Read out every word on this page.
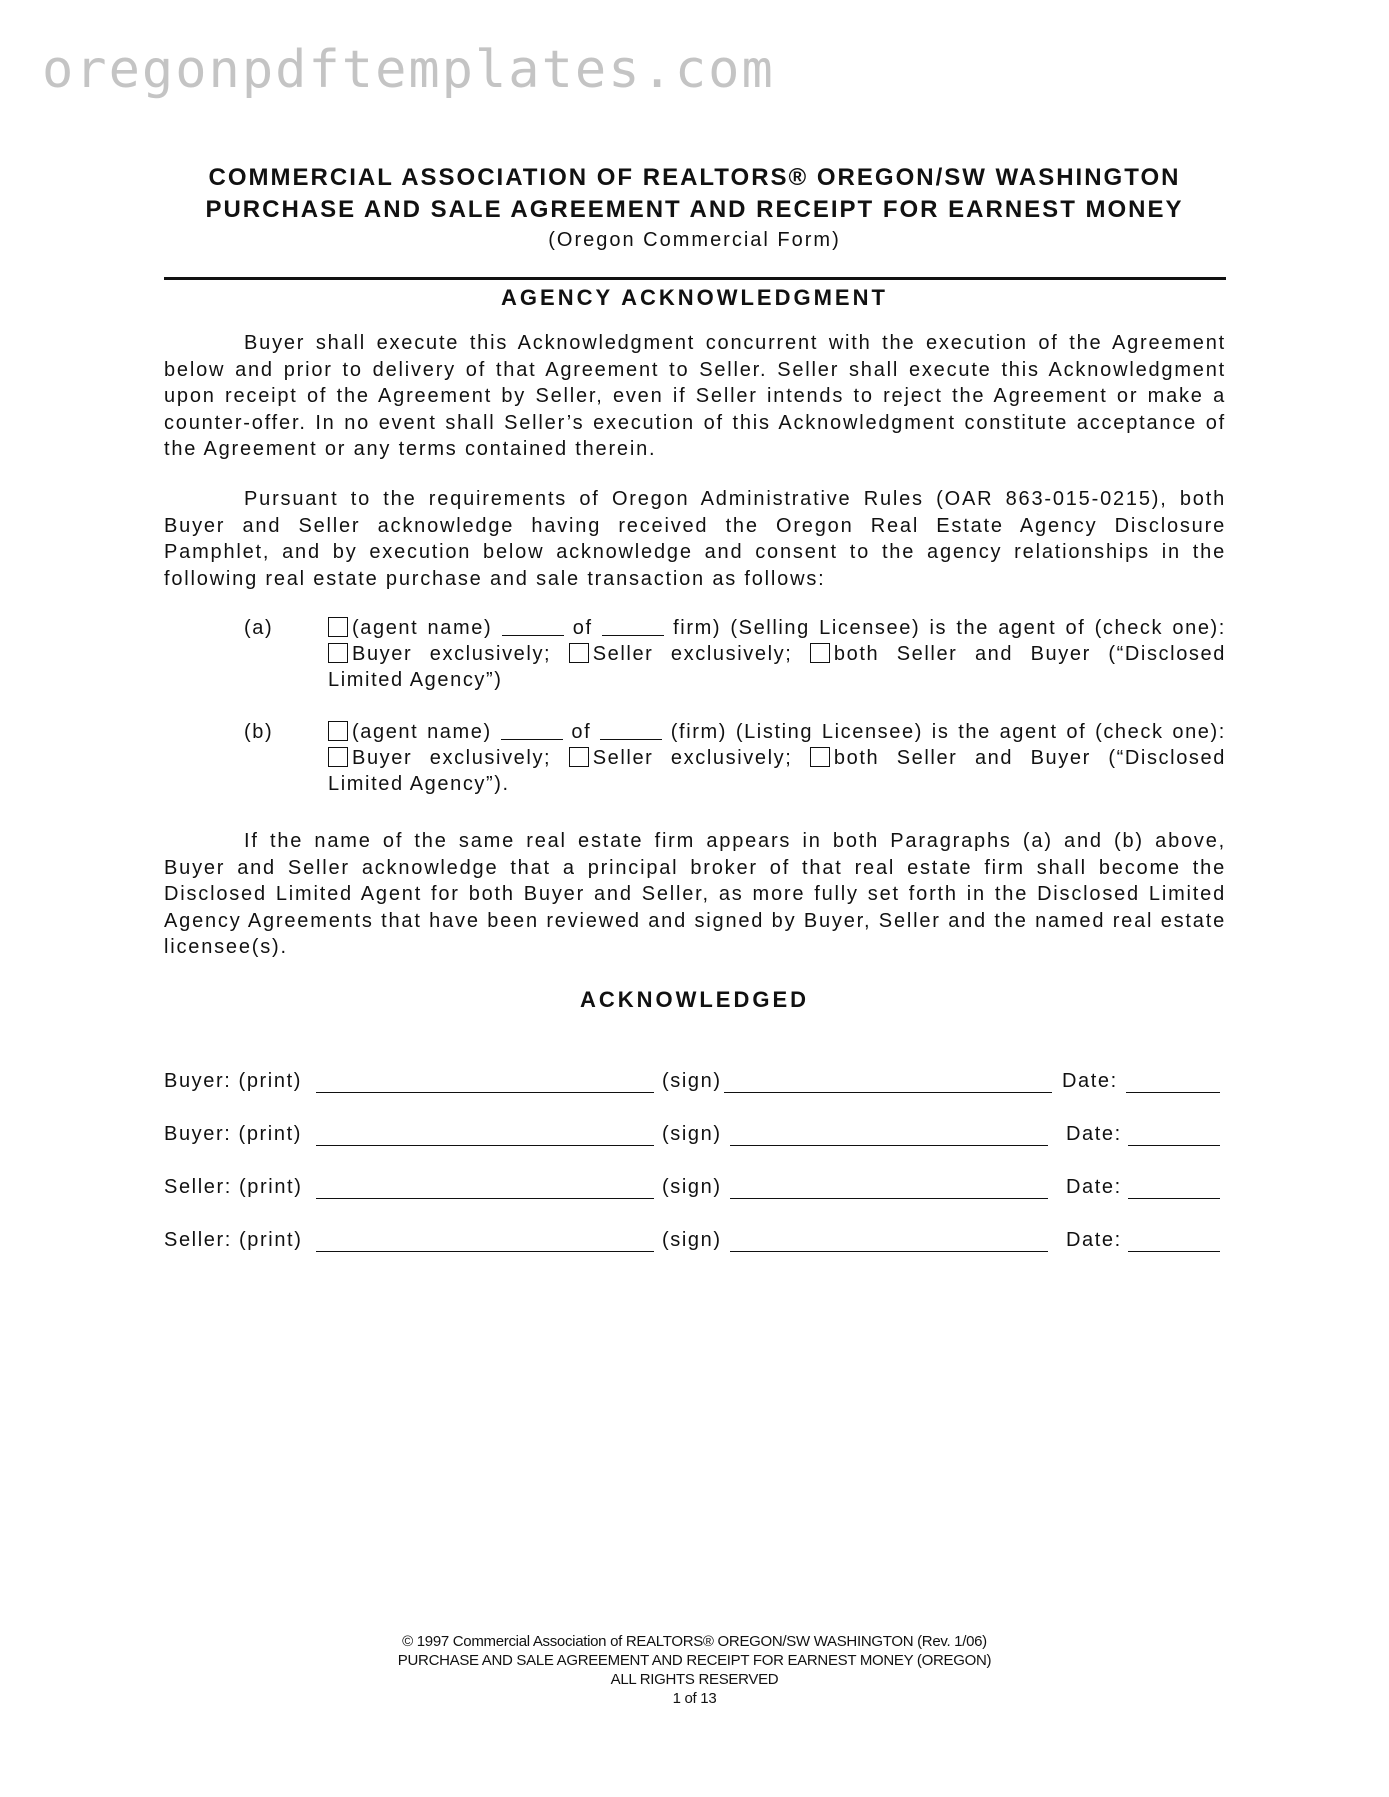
oregonpdftemplates.com
COMMERCIAL ASSOCIATION OF REALTORS® OREGON/SW WASHINGTON
PURCHASE AND SALE AGREEMENT AND RECEIPT FOR EARNEST MONEY
(Oregon Commercial Form)
AGENCY ACKNOWLEDGMENT
Buyer shall execute this Acknowledgment concurrent with the execution of the Agreement below and prior to delivery of that Agreement to Seller. Seller shall execute this Acknowledgment upon receipt of the Agreement by Seller, even if Seller intends to reject the Agreement or make a counter-offer. In no event shall Seller’s execution of this Acknowledgment constitute acceptance of the Agreement or any terms contained therein.
Pursuant to the requirements of Oregon Administrative Rules (OAR 863-015-0215), both Buyer and Seller acknowledge having received the Oregon Real Estate Agency Disclosure Pamphlet, and by execution below acknowledge and consent to the agency relationships in the following real estate purchase and sale transaction as follows:
(a)	(agent name)	of	firm) (Selling Licensee) is the agent of (check one): Buyer exclusively; Seller exclusively; both Seller and Buyer (“Disclosed Limited Agency”)
(b)	(agent name)	of	(firm) (Listing Licensee) is the agent of (check one): Buyer exclusively; Seller exclusively; both Seller and Buyer (“Disclosed Limited Agency”).
If the name of the same real estate firm appears in both Paragraphs (a) and (b) above, Buyer and Seller acknowledge that a principal broker of that real estate firm shall become the Disclosed Limited Agent for both Buyer and Seller, as more fully set forth in the Disclosed Limited Agency Agreements that have been reviewed and signed by Buyer, Seller and the named real estate licensee(s).
ACKNOWLEDGED
Buyer: (print)	(sign)	Date:
Buyer: (print)	(sign)	Date:
Seller: (print)	(sign)	Date:
Seller: (print)	(sign)	Date:
© 1997 Commercial Association of REALTORS® OREGON/SW WASHINGTON (Rev. 1/06)
PURCHASE AND SALE AGREEMENT AND RECEIPT FOR EARNEST MONEY (OREGON)
ALL RIGHTS RESERVED
1 of 13
